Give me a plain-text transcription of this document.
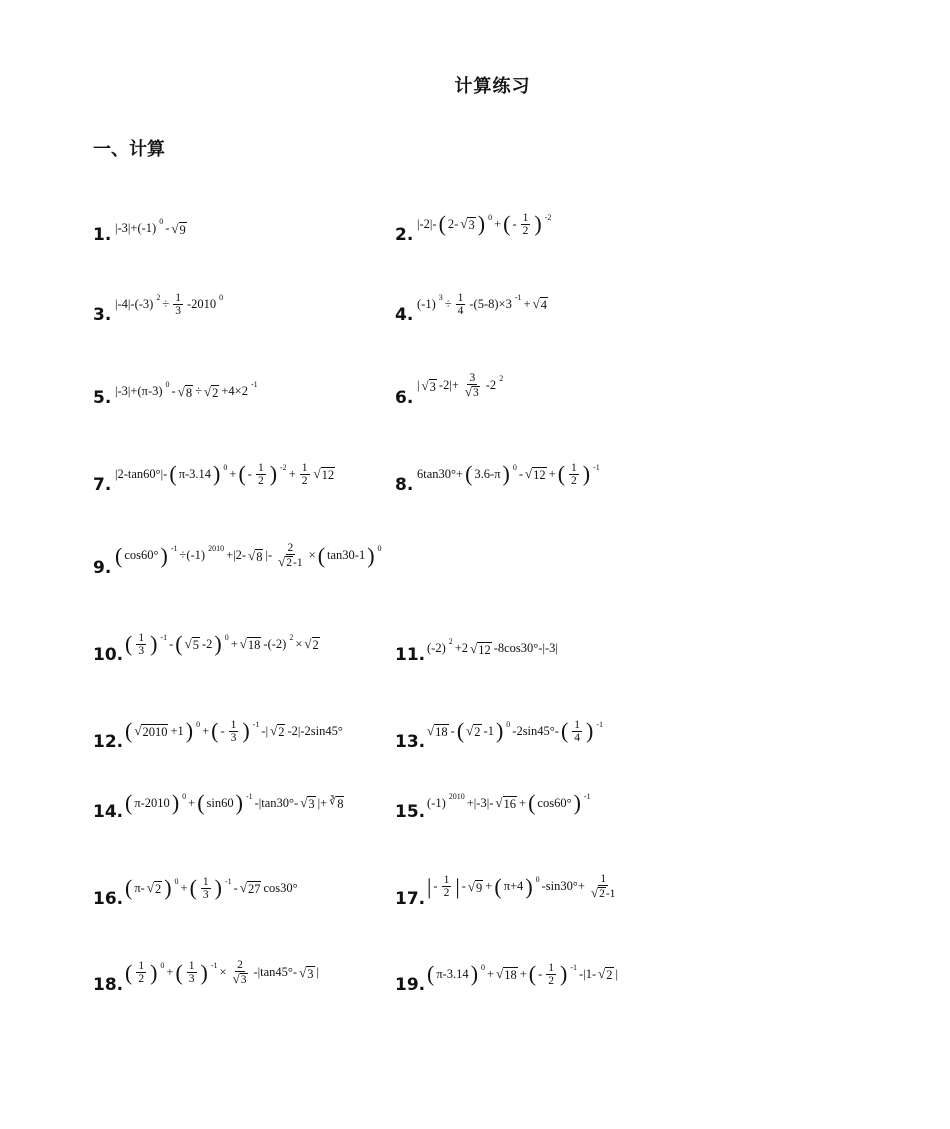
计算练习
一、计算
1. |-3|+(-1) 0 - √ 9	2.
|-2|- ( 2- √ 3 ) 0 + ( - $\frac{1}{2}$ ) -2
3.
|-4|-(-3) $2 \div \frac{1}{3} -2010$ 0
4.
(-1) $3 \div \frac{1}{4} -(5-8)\times 3$ -1 + √ 4
5. |-3|+(π-3) 0 - √ 8 ÷ √ 2 +4×2 -1
6.
| √ 3 $-2|+ \frac{3}{√ 3} -2$ 2
7.
|2-tan60°|- ( π-3.14 ) 0 + ( - $\frac{1}{2}$ ) $-2 + \frac{1}{2}$ √ 12	8.
6tan30°+ ( 3.6-π ) 0 - √ 12 + ( $\frac{1}{2}$ ) -1
9.
( cos60° ) -1 ÷(-1) 2010 +|2- √ 8 |- $\frac{2}{√ 2 -1}$ × ( tan30-1 ) 0
10. ( $\frac{1}{3}$ ) -1 - ( √ 5 -2 ) 0 + √ 18 -(-2) 2 × √ 2	11. (-2) 2 +2 √ 12 -8cos30°-|-3|
12. ( √ 2010 +1 ) 0 + ( - $\frac{1}{3}$ ) -1 -| √ 2 -2|-2sin45°
13.
√ 18 - ( √ 2 -1 ) 0 -2sin45°- ( $\frac{1}{4}$ ) -1
14. ( π-2010 ) 0 + ( sin60 ) -1 -|tan30°- √ 3 |+ ∛ 8	15. (-1) 2010 +|-3|- √ 16 + ( cos60° ) -1
16. ( π- √ 2 ) 0 + ( $\frac{1}{3}$ ) -1 - √ 27 cos30°
17.
| - $\frac{1}{2}$ | - √ 9 + ( π+4 ) 0 $-\sin 30^\circ+ \frac{1}{√ 2 -1}$
18.
( $\frac{1}{2}$ ) 0 + ( $\frac{1}{3}$ ) $-1 \times \frac{2}{√ 3} -|\tan 45^\circ-$ √ 3 |
19. ( π-3.14 ) 0 + √ 18 + ( - $\frac{1}{2}$ ) -1 -|1- √ 2 |
